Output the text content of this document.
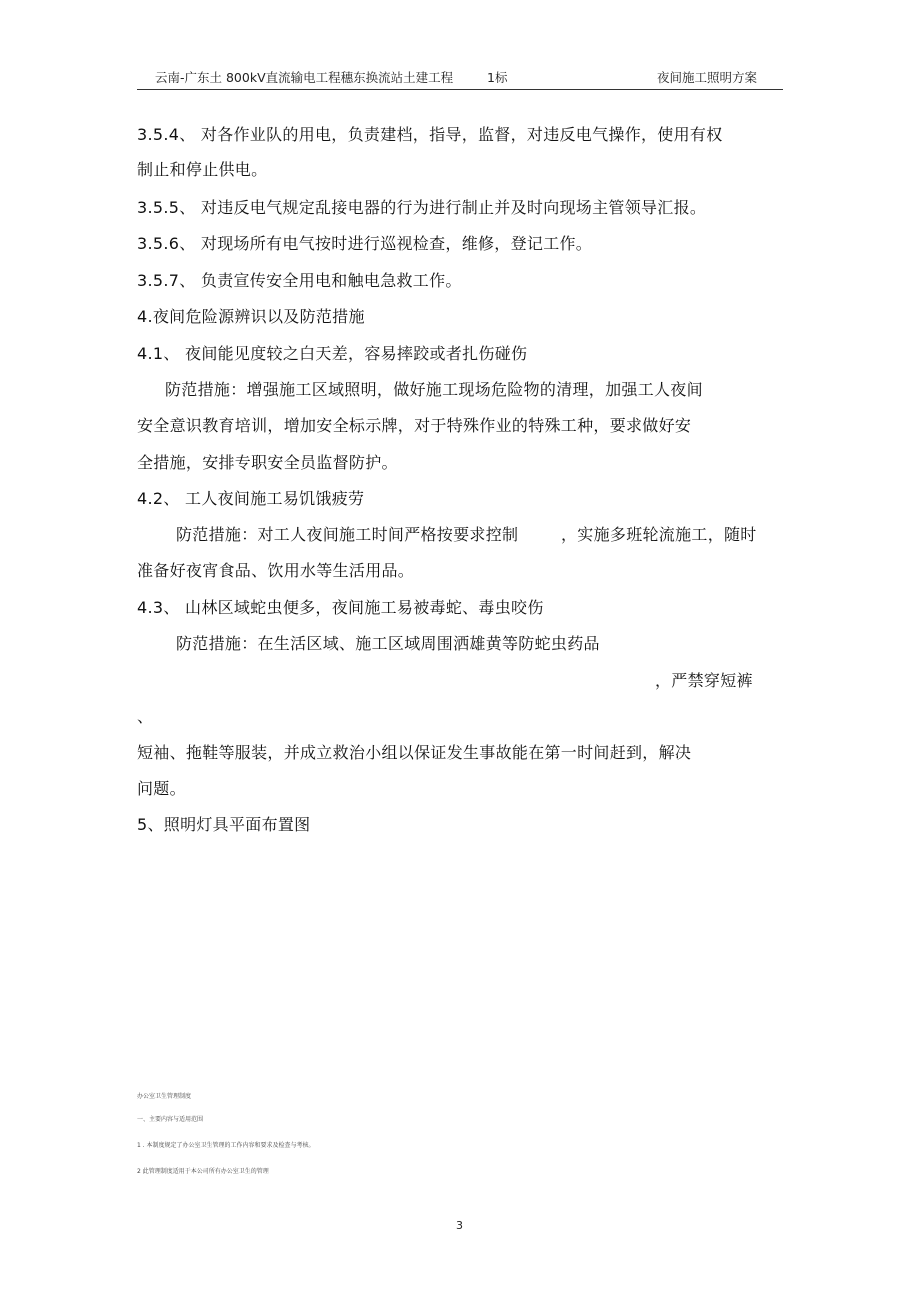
云南-广东土 800kV直流输电工程穗东换流站土建工程	1标	夜间施工照明方案
3.5.4、 对各作业队的用电，负责建档，指导，监督，对违反电气操作，使用有权
制止和停止供电。
3.5.5、 对违反电气规定乱接电器的行为进行制止并及时向现场主管领导汇报。
3.5.6、 对现场所有电气按时进行巡视检查，维修，登记工作。
3.5.7、 负责宣传安全用电和触电急救工作。
4.夜间危险源辨识以及防范措施
4.1、 夜间能见度较之白天差，容易摔跤或者扎伤碰伤
防范措施：增强施工区域照明，做好施工现场危险物的清理，加强工人夜间
安全意识教育培训，增加安全标示牌，对于特殊作业的特殊工种，要求做好安
全措施，安排专职安全员监督防护。
4.2、 工人夜间施工易饥饿疲劳
防范措施：对工人夜间施工时间严格按要求控制	，实施多班轮流施工，随时
准备好夜宵食品、饮用水等生活用品。
4.3、 山林区域蛇虫便多，夜间施工易被毒蛇、毒虫咬伤
防范措施：在生活区域、施工区域周围洒雄黄等防蛇虫药品
，严禁穿短裤
、
短袖、拖鞋等服装，并成立救治小组以保证发生事故能在第一时间赶到，解决
问题。
5、照明灯具平面布置图
办公室卫生管理制度
一、主要内容与适用范围
1 . 本制度规定了办公室卫生管理的工作内容和要求及检查与考核。
2 此管理制度适用于本公司所有办公室卫生的管理
3
